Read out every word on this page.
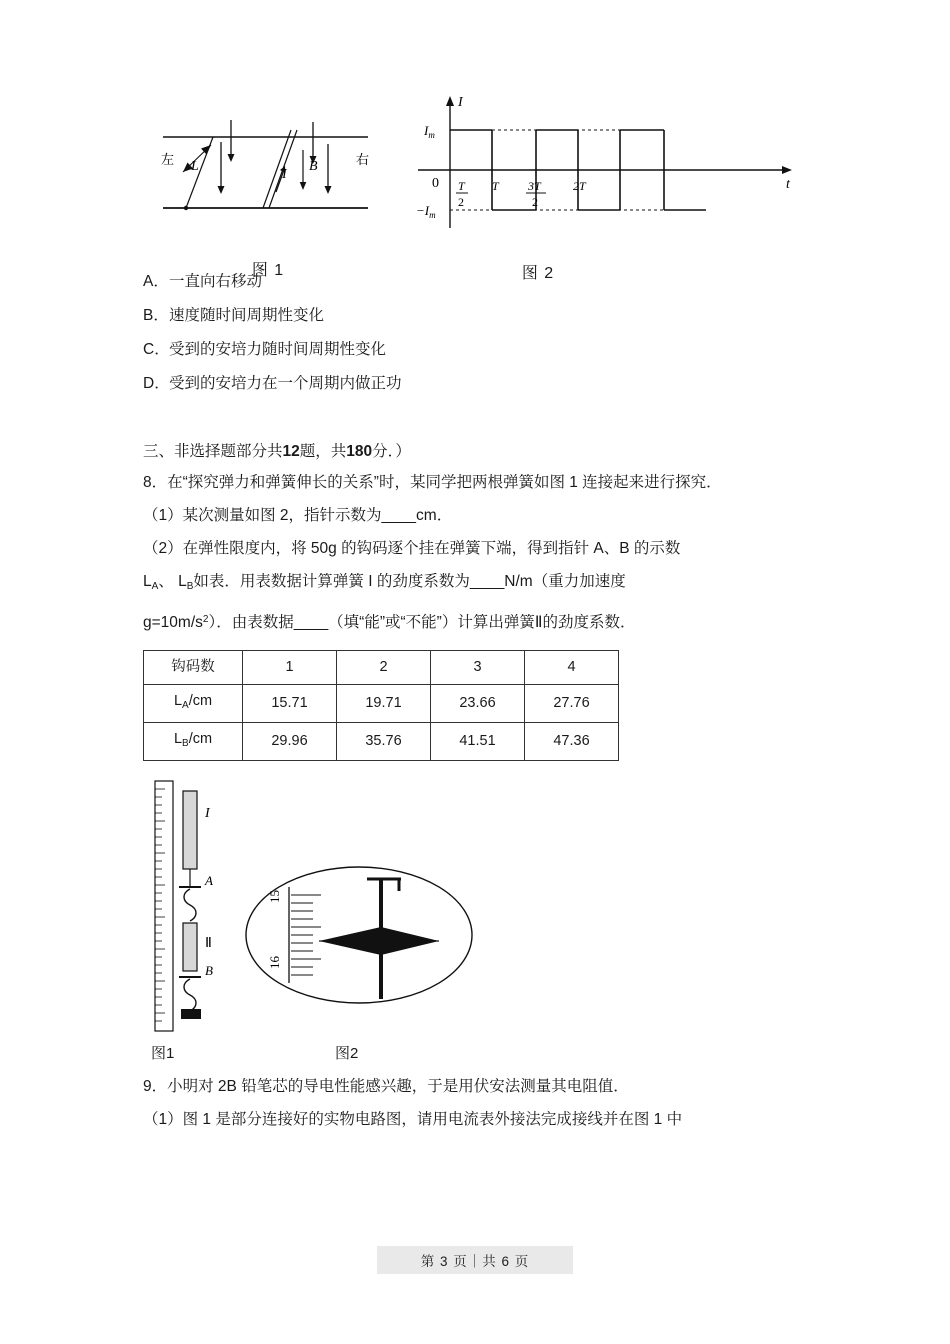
左	右
L
I
B
图 1
I
$I_m$
$-I_m$
0	t
T
2
T 3T
2
2T
图 2
A．一直向右移动
B．速度随时间周期性变化
C．受到的安培力随时间周期性变化
D．受到的安培力在一个周期内做正功
三、非选择题部分共12题，共180分．）

8．在“探究弹力和弹簧伸长的关系”时，某同学把两根弹簧如图 1 连接起来进行探究．

（1）某次测量如图 2，指针示数为____cm．

（2）在弹性限度内，将 50g 的钩码逐个挂在弹簧下端，得到指针 A、B 的示数

$L_A$、 $L_B$如表．用表数据计算弹簧 I 的劲度系数为____N/m（重力加速度

$g=10m/s^2$）．由表数据____（填“能”或“不能”）计算出弹簧Ⅱ的劲度系数．

钩码数	1	2	3	4
$L_A/cm$	15.71	19.71	23.66	27.76
$L_B/cm$	29.96	35.76	41.51	47.36
I
A
Ⅱ
B
15
16
图1	图2

9．小明对 2B 铅笔芯的导电性能感兴趣，于是用伏安法测量其电阻值．

（1）图 1 是部分连接好的实物电路图，请用电流表外接法完成接线并在图 1 中

第 3 页｜共 6 页
